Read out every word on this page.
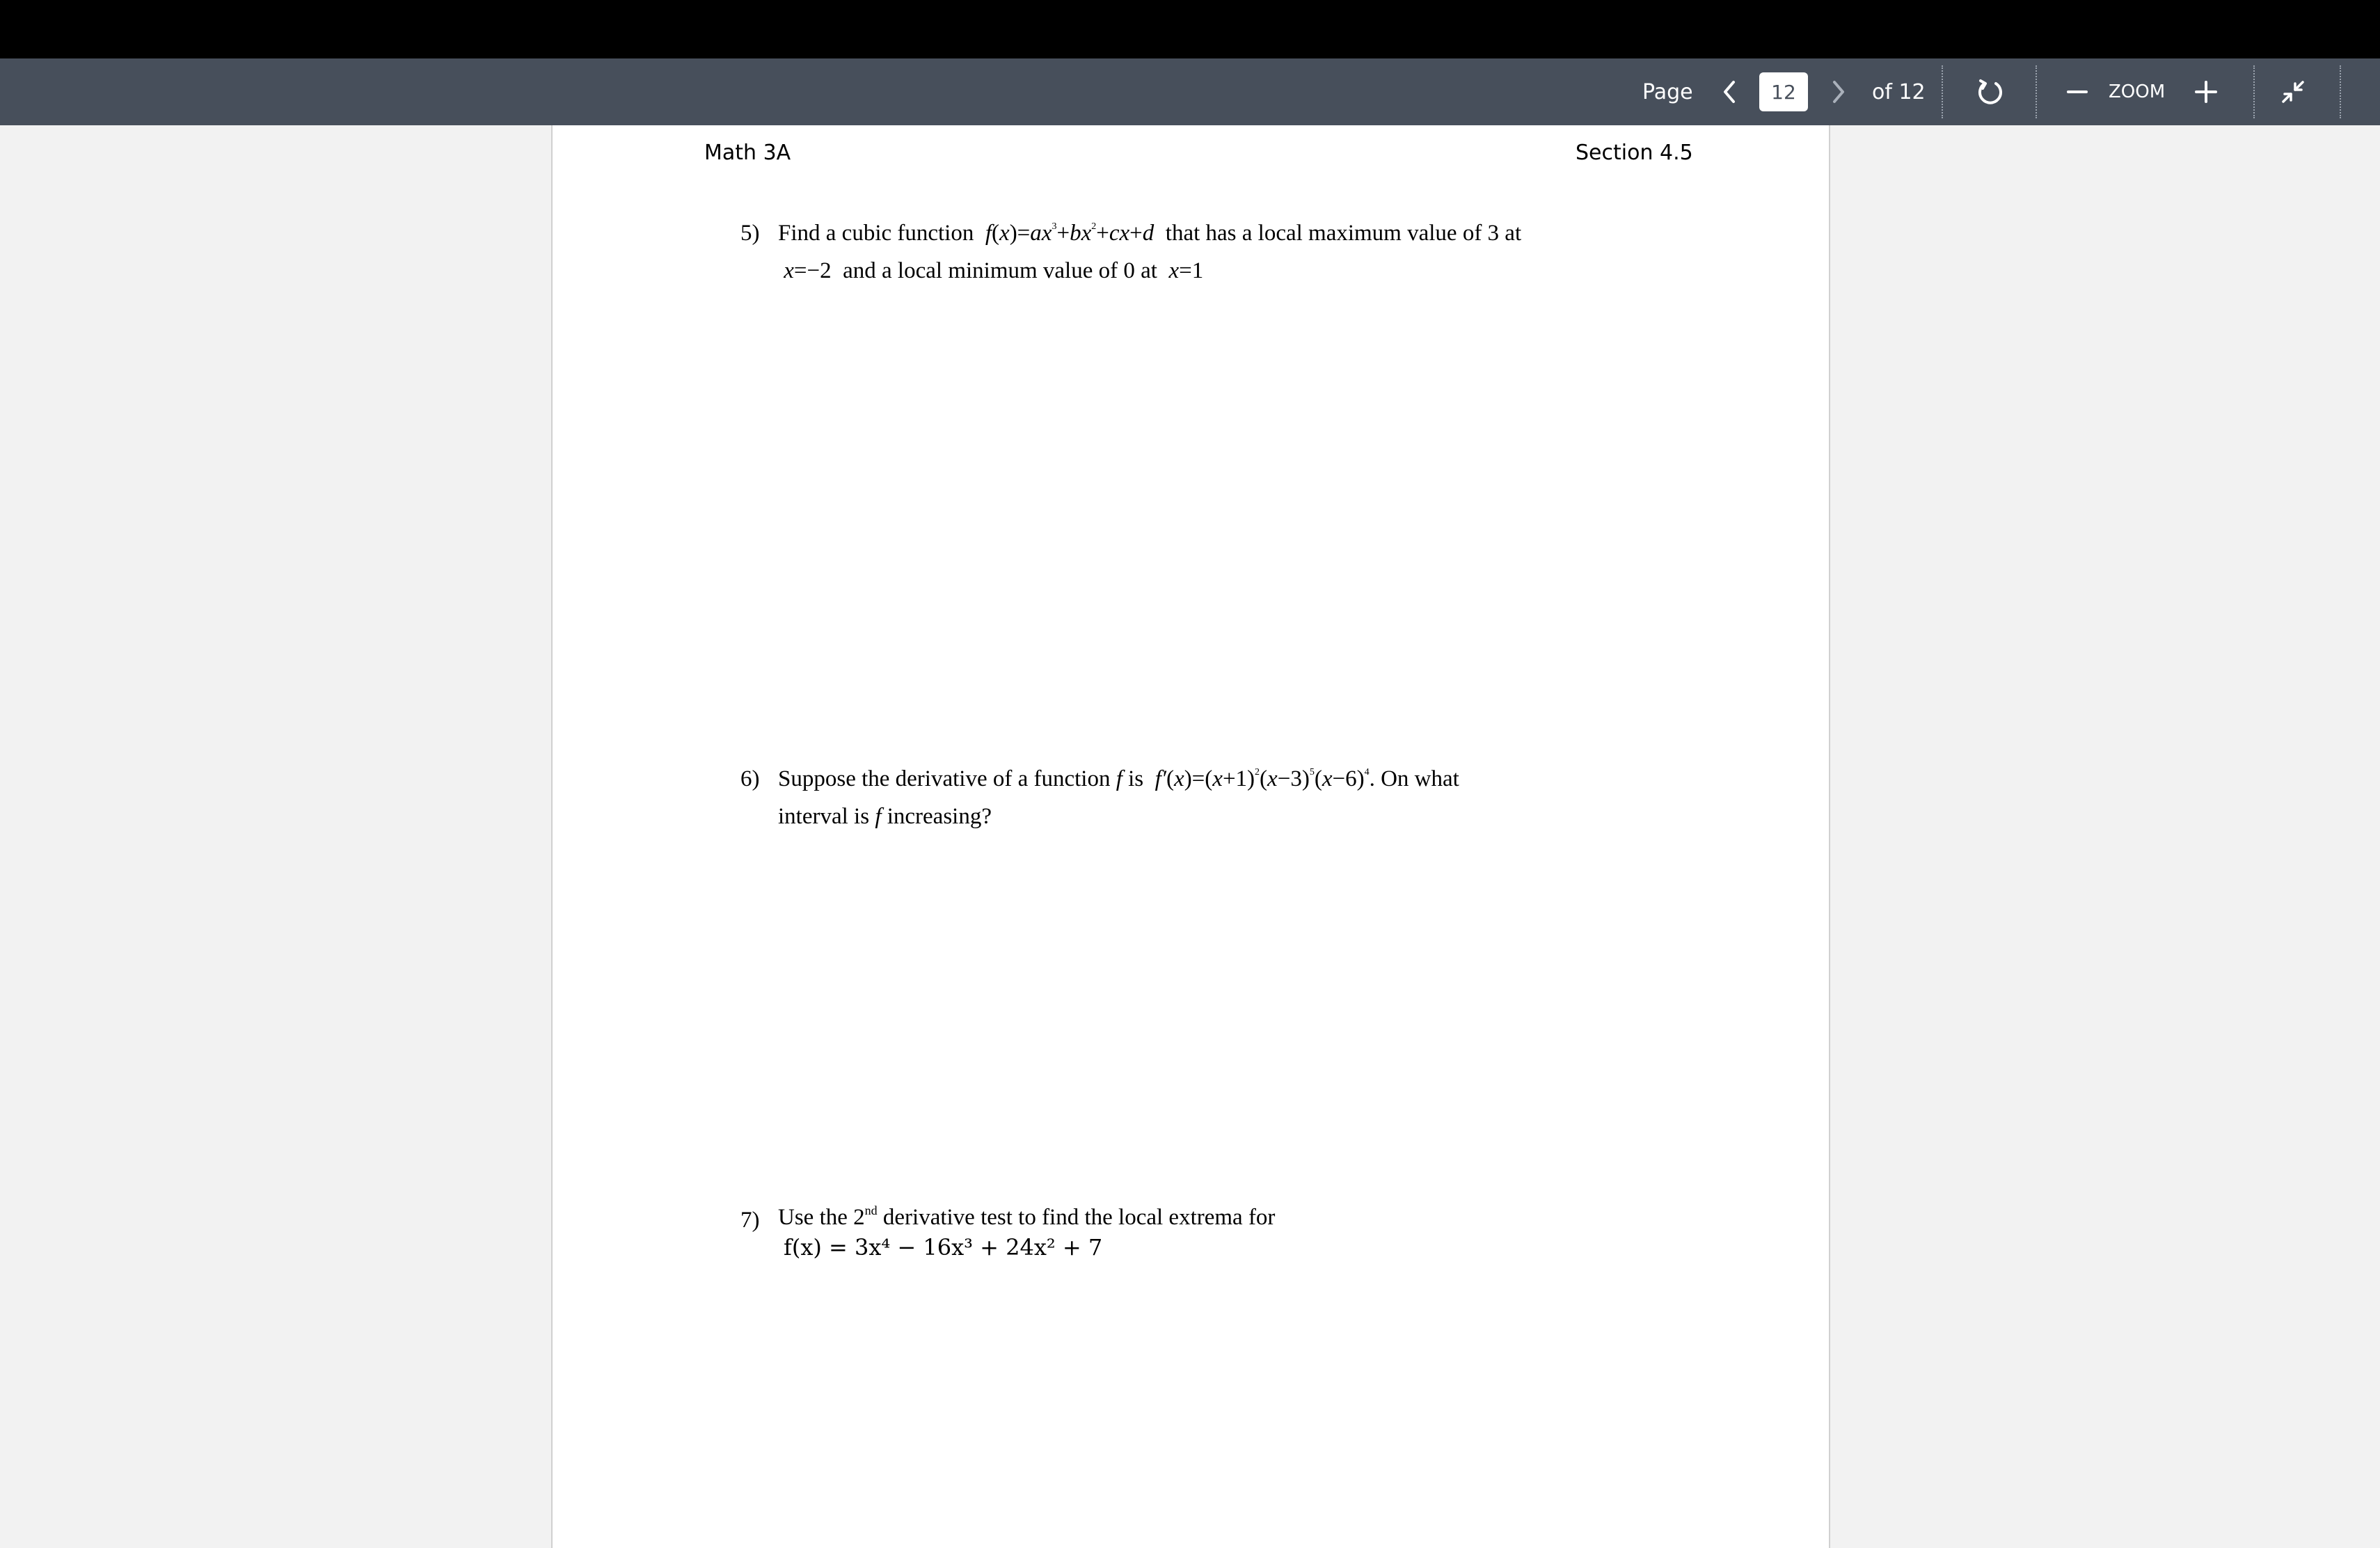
Page
12	of 12	ZOOM
Math 3A	Section 4.5
5) Find a cubic function  $f(x)=ax^3+bx^2+cx+d$ that has a local maximum value of 3 at
x=−2  and a local minimum value of 0 at  x=1
6) Suppose the derivative of a function f is $f'(x)=(x+1)^2(x-3)^5(x-6)^4$. On what
interval is f increasing?
7) Use the 2nd derivative test to find the local extrema for
f(x) = 3x⁴ − 16x³ + 24x² + 7
